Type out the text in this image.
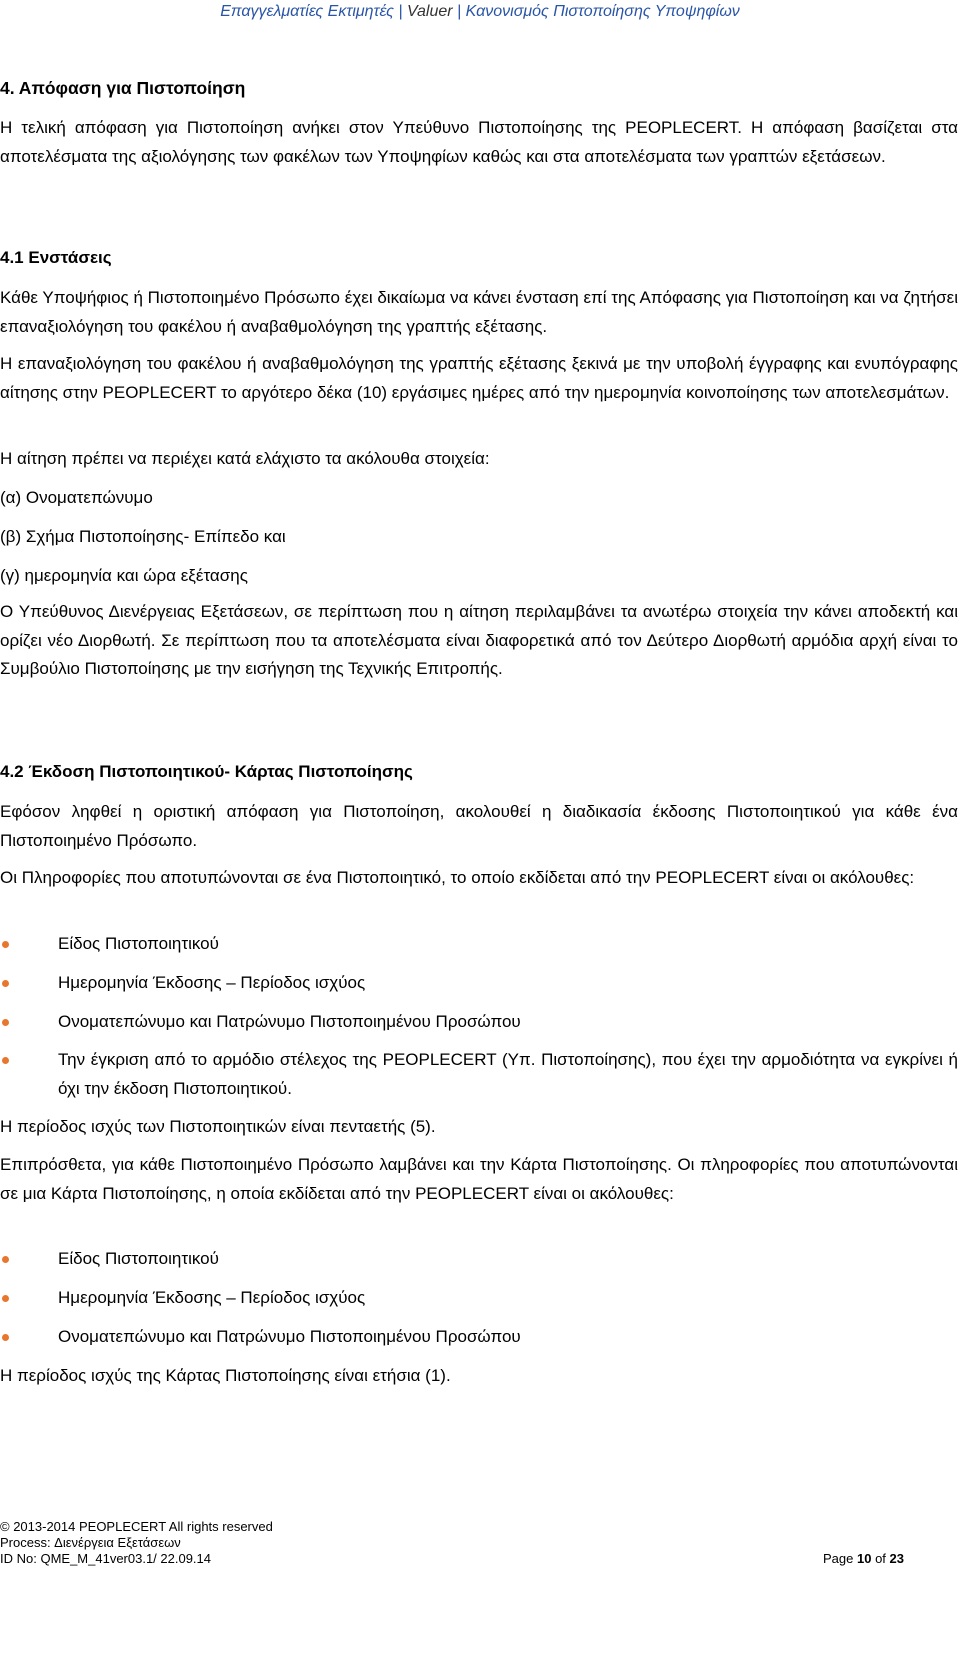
Επαγγελματίες Εκτιμητές | Valuer | Κανονισμός Πιστοποίησης Υποψηφίων
4. Απόφαση για Πιστοποίηση
Η τελική απόφαση για Πιστοποίηση ανήκει στον Υπεύθυνο Πιστοποίησης της PEOPLECERT. Η απόφαση βασίζεται στα αποτελέσματα της αξιολόγησης των φακέλων των Υποψηφίων καθώς και στα αποτελέσματα των γραπτών εξετάσεων.
4.1 Ενστάσεις
Κάθε Υποψήφιος ή Πιστοποιημένο Πρόσωπο έχει δικαίωμα να κάνει ένσταση επί της Απόφασης για Πιστοποίηση και να ζητήσει επαναξιολόγηση του φακέλου ή αναβαθμολόγηση της γραπτής εξέτασης.
Η επαναξιολόγηση του φακέλου ή αναβαθμολόγηση της γραπτής εξέτασης ξεκινά με την υποβολή έγγραφης και ενυπόγραφης αίτησης στην PEOPLECERT το αργότερο δέκα (10) εργάσιμες ημέρες από την ημερομηνία κοινοποίησης των αποτελεσμάτων.
Η αίτηση πρέπει να περιέχει κατά ελάχιστο τα ακόλουθα στοιχεία:
(α) Ονοματεπώνυμο
(β) Σχήμα Πιστοποίησης- Επίπεδο και
(γ) ημερομηνία και ώρα εξέτασης
Ο Υπεύθυνος Διενέργειας Εξετάσεων, σε περίπτωση που η αίτηση περιλαμβάνει τα ανωτέρω στοιχεία την κάνει αποδεκτή και ορίζει νέο Διορθωτή. Σε περίπτωση που τα αποτελέσματα είναι διαφορετικά από τον Δεύτερο Διορθωτή αρμόδια αρχή είναι το Συμβούλιο Πιστοποίησης με την εισήγηση της Τεχνικής Επιτροπής.
4.2 Έκδοση Πιστοποιητικού- Κάρτας Πιστοποίησης
Εφόσον ληφθεί η οριστική απόφαση για Πιστοποίηση, ακολουθεί η διαδικασία έκδοσης Πιστοποιητικού για κάθε ένα Πιστοποιημένο Πρόσωπο.
Οι Πληροφορίες που αποτυπώνονται σε ένα Πιστοποιητικό, το οποίο εκδίδεται από την PEOPLECERT είναι οι ακόλουθες:
Είδος Πιστοποιητικού
Ημερομηνία Έκδοσης – Περίοδος ισχύος
Ονοματεπώνυμο και Πατρώνυμο Πιστοποιημένου Προσώπου
Την έγκριση από το αρμόδιο στέλεχος της PEOPLECERT (Υπ. Πιστοποίησης), που έχει την αρμοδιότητα να εγκρίνει ή όχι την έκδοση Πιστοποιητικού.
Η περίοδος ισχύς των Πιστοποιητικών είναι πενταετής (5).
Επιπρόσθετα, για κάθε Πιστοποιημένο Πρόσωπο λαμβάνει και την Κάρτα Πιστοποίησης. Οι πληροφορίες που αποτυπώνονται σε μια Κάρτα Πιστοποίησης, η οποία εκδίδεται από την PEOPLECERT είναι οι ακόλουθες:
Είδος Πιστοποιητικού
Ημερομηνία Έκδοσης – Περίοδος ισχύος
Ονοματεπώνυμο και Πατρώνυμο Πιστοποιημένου Προσώπου
Η περίοδος ισχύς της Κάρτας Πιστοποίησης είναι ετήσια (1).
© 2013-2014 PEOPLECERT All rights reserved
Process: Διενέργεια Εξετάσεων
ID No: QME_M_41ver03.1/ 22.09.14	Page 10 of 23
